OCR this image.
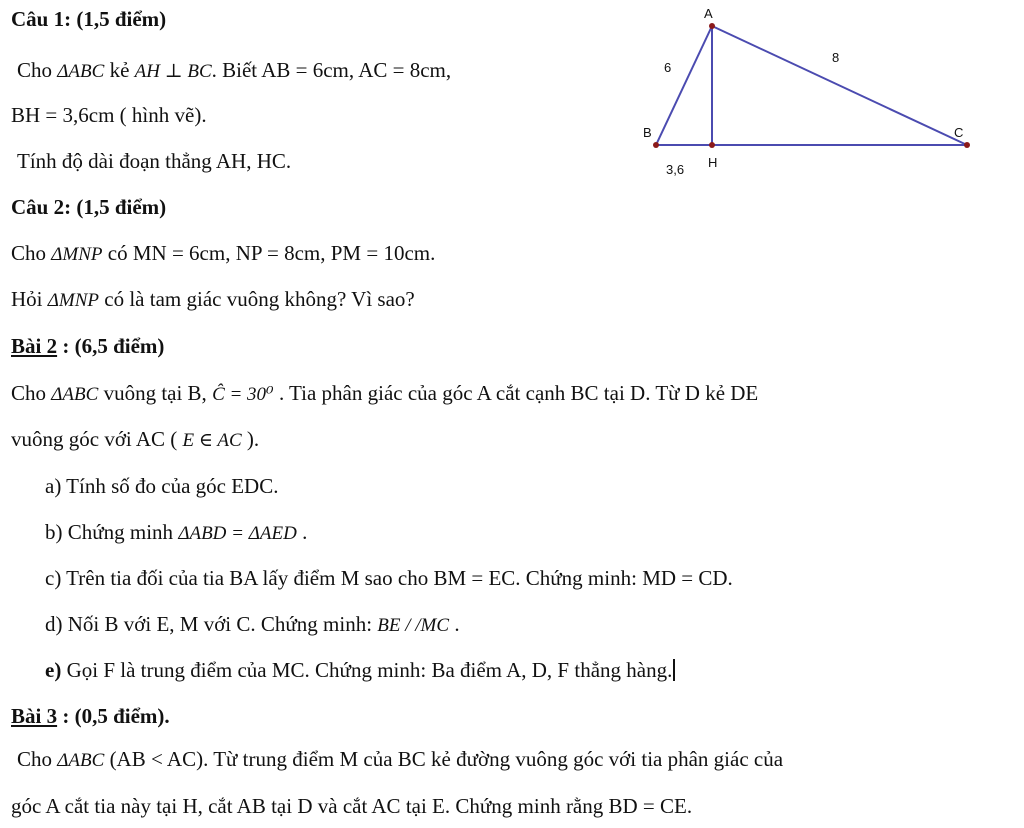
Câu 1: (1,5 điểm)
Cho ΔABC kẻ AH ⊥ BC. Biết AB = 6cm, AC = 8cm,
BH = 3,6cm ( hình vẽ).
Tính độ dài đoạn thẳng AH, HC.
A
B	C
H
6
8
3,6
Câu 2: (1,5 điểm)
Cho ΔMNP có MN = 6cm, NP = 8cm, PM = 10cm.
Hỏi ΔMNP có là tam giác vuông không? Vì sao?
Bài 2 : (6,5 điểm)
Cho ΔABC vuông tại B, Ĉ = 30⁰ . Tia phân giác của góc A cắt cạnh BC tại D. Từ D kẻ DE
vuông góc với AC ( E ∈ AC ).
a) Tính số đo của góc EDC.
b) Chứng minh ΔABD = ΔAED .
c) Trên tia đối của tia BA lấy điểm M sao cho BM = EC. Chứng minh: MD = CD.
d) Nối B với E, M với C. Chứng minh: BE / /MC .
e) Gọi F là trung điểm của MC. Chứng minh: Ba điểm A, D, F thẳng hàng.
Bài 3 : (0,5 điểm).
Cho ΔABC (AB < AC). Từ trung điểm M của BC kẻ đường vuông góc với tia phân giác của
góc A cắt tia này tại H, cắt AB tại D và cắt AC tại E. Chứng minh rằng BD = CE.
